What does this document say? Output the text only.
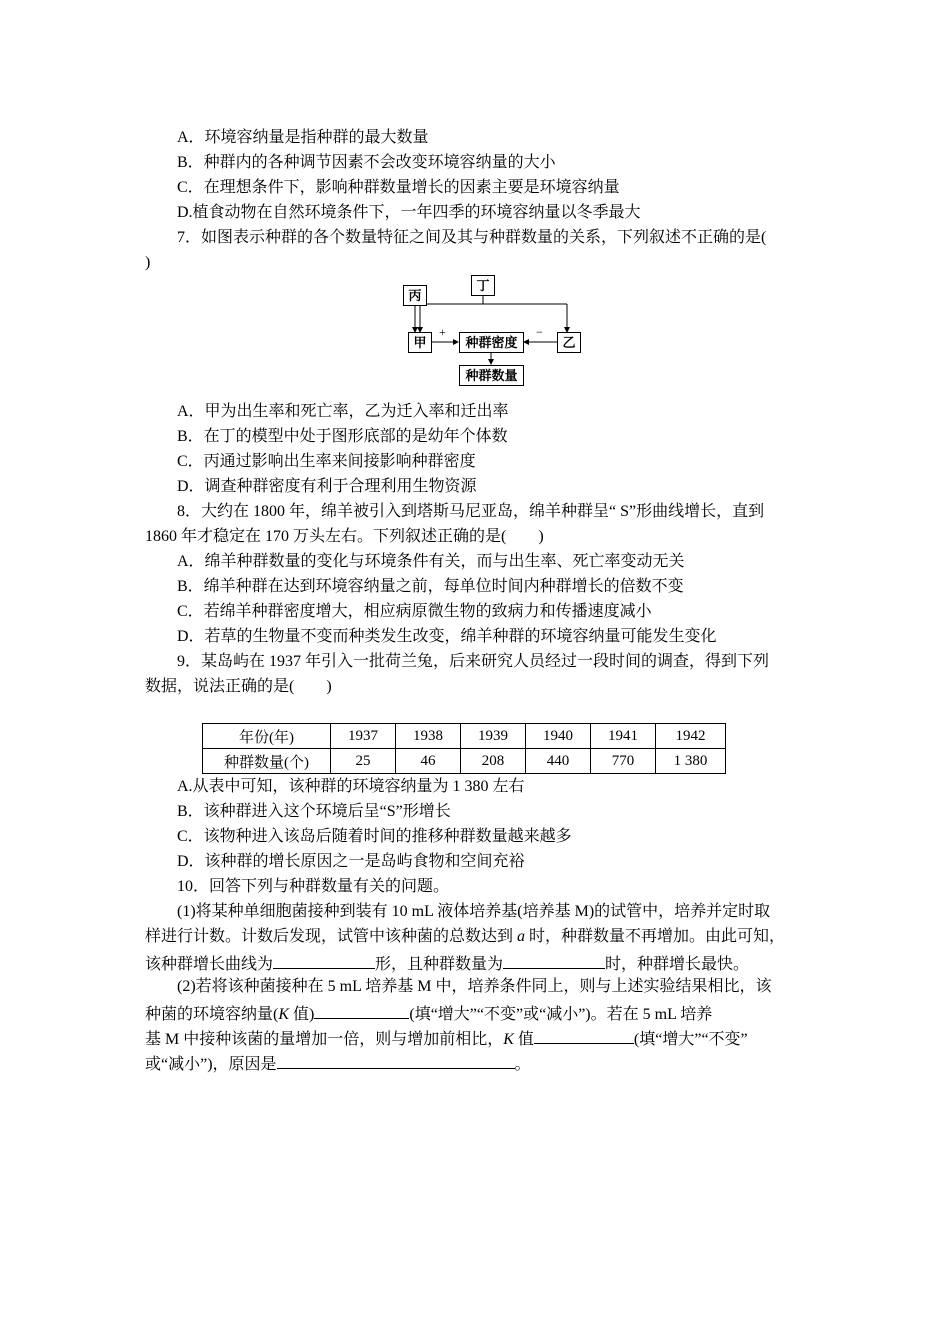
A．环境容纳量是指种群的最大数量
B．种群内的各种调节因素不会改变环境容纳量的大小
C．在理想条件下，影响种群数量增长的因素主要是环境容纳量
D.植食动物在自然环境条件下，一年四季的环境容纳量以冬季最大
7．如图表示种群的各个数量特征之间及其与种群数量的关系，下列叙述不正确的是(
)
丙
丁
甲	种群密度	乙
种群数量
+	−
A．甲为出生率和死亡率，乙为迁入率和迁出率
B．在丁的模型中处于图形底部的是幼年个体数
C．丙通过影响出生率来间接影响种群密度
D．调查种群密度有利于合理利用生物资源
8．大约在 1800 年，绵羊被引入到塔斯马尼亚岛，绵羊种群呈“ S”形曲线增长，直到
1860 年才稳定在 170 万头左右。下列叙述正确的是(　　)
A．绵羊种群数量的变化与环境条件有关，而与出生率、死亡率变动无关
B．绵羊种群在达到环境容纳量之前，每单位时间内种群增长的倍数不变
C．若绵羊种群密度增大，相应病原微生物的致病力和传播速度减小
D．若草的生物量不变而种类发生改变，绵羊种群的环境容纳量可能发生变化
9．某岛屿在 1937 年引入一批荷兰兔，后来研究人员经过一段时间的调查，得到下列
数据，说法正确的是(　　)
年份(年)	1937	1938	1939	1940	1941	1942
种群数量(个)	25	46	208	440	770	1 380
A.从表中可知，该种群的环境容纳量为 1 380 左右
B．该种群进入这个环境后呈“S”形增长
C．该物种进入该岛后随着时间的推移种群数量越来越多
D．该种群的增长原因之一是岛屿食物和空间充裕
10．回答下列与种群数量有关的问题。
(1)将某种单细胞菌接种到装有 10 mL 液体培养基(培养基 M)的试管中，培养并定时取
样进行计数。计数后发现，试管中该种菌的总数达到 a 时，种群数量不再增加。由此可知，
该种群增长曲线为	形，且种群数量为	时，种群增长最快。
(2)若将该种菌接种在 5 mL 培养基 M 中，培养条件同上，则与上述实验结果相比，该
种菌的环境容纳量(K 值)	(填“增大”“不变”或“减小”)。若在 5 mL 培养
基 M 中接种该菌的量增加一倍，则与增加前相比，K 值	(填“增大”“不变”
或“减小”)，原因是	。
